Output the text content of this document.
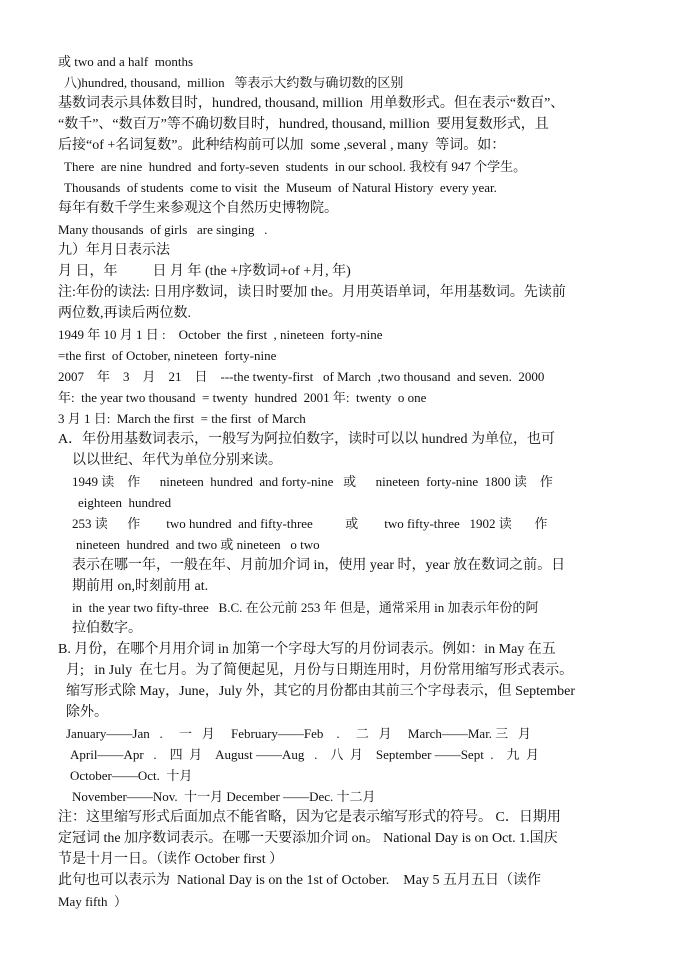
或 two and a half  months
八)hundred, thousand,  million   等表示大约数与确切数的区别
基数词表示具体数目时，hundred, thousand, million  用单数形式。但在表示“数百”、
“数千”、“数百万”等不确切数目时，hundred, thousand, million  要用复数形式，且
后接“of +名词复数”。此种结构前可以加  some ,several , many  等词。如：
There  are nine  hundred  and forty-seven  students  in our school. 我校有 947 个学生。
Thousands  of students  come to visit  the  Museum  of Natural History  every year.
每年有数千学生来参观这个自然历史博物院。
Many thousands  of girls   are singing   .
九）年月日表示法
月 日，年          日 月 年 (the +序数词+of +月, 年)
注:年份的读法: 日用序数词，读日时要加 the。月用英语单词，年用基数词。先读前
两位数,再读后两位数.
1949 年 10 月 1 日 :    October  the first  , nineteen  forty-nine
=the first  of October, nineteen  forty-nine
2007    年    3    月    21    日    ---the twenty-first   of March  ,two thousand  and seven.  2000
年:  the year two thousand  = twenty  hundred  2001 年:  twenty  o one
3 月 1 日:  March the first  = the first  of March
A．年份用基数词表示，一般写为阿拉伯数字，读时可以以 hundred 为单位，也可
以以世纪、年代为单位分别来读。
1949 读    作      nineteen  hundred  and forty-nine   或      nineteen  forty-nine  1800 读    作
eighteen  hundred
253 读      作        two hundred  and fifty-three          或        two fifty-three   1902 读       作
nineteen  hundred  and two 或 nineteen   o two
表示在哪一年，一般在年、月前加介词 in，使用 year 时，year 放在数词之前。日
期前用 on,时刻前用 at.
in  the year two fifty-three   B.C. 在公元前 253 年 但是，通常采用 in 加表示年份的阿
拉伯数字。
B. 月份，在哪个月用介词 in 加第一个字母大写的月份词表示。例如：in May 在五
月;   in July  在七月。为了简便起见，月份与日期连用时，月份常用缩写形式表示。
缩写形式除 May，June，July 外，其它的月份都由其前三个字母表示，但 September
除外。
January——Jan   .     一   月     February——Feb    .     二   月     March——Mar. 三   月
April——Apr   .    四  月    August ——Aug   .    八  月    September ——Sept  .    九  月
October——Oct.  十月
November——Nov.  十一月 December ——Dec. 十二月
注：这里缩写形式后面加点不能省略，因为它是表示缩写形式的符号。 C．日期用
定冠词 the 加序数词表示。在哪一天要添加介词 on。 National Day is on Oct. 1.国庆
节是十月一日。（读作 October first ）
此句也可以表示为  National Day is on the 1st of October.    May 5 五月五日（读作
May fifth  ）
